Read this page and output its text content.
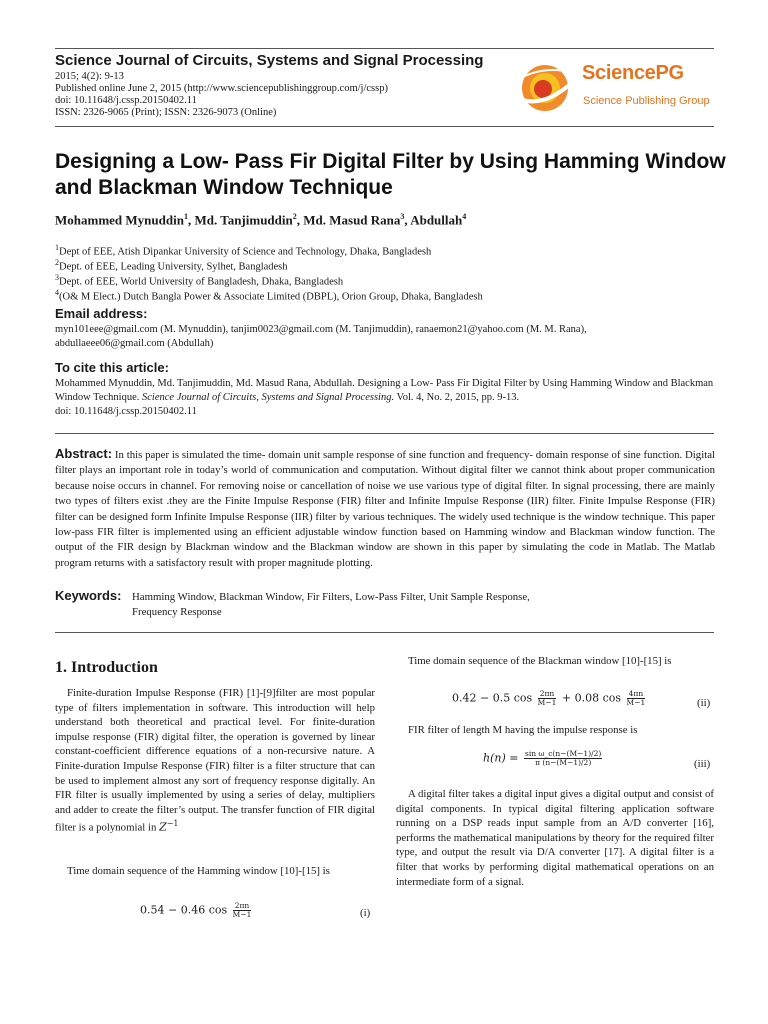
Science Journal of Circuits, Systems and Signal Processing
2015; 4(2): 9-13
Published online June 2, 2015 (http://www.sciencepublishinggroup.com/j/cssp)
doi: 10.11648/j.cssp.20150402.11
ISSN: 2326-9065 (Print); ISSN: 2326-9073 (Online)
SciencePG
Science Publishing Group
Designing a Low- Pass Fir Digital Filter by Using Hamming Window and Blackman Window Technique
Mohammed Mynuddin$^1$, Md. Tanjimuddin$^2$, Md. Masud Rana$^3$, Abdullah$^4$
$^1$Dept of EEE, Atish Dipankar University of Science and Technology, Dhaka, Bangladesh
$^2$Dept. of EEE, Leading University, Sylhet, Bangladesh
$^3$Dept. of EEE, World University of Bangladesh, Dhaka, Bangladesh
$^4$(O& M Elect.) Dutch Bangla Power & Associate Limited (DBPL), Orion Group, Dhaka, Bangladesh
Email address:
myn101eee@gmail.com (M. Mynuddin), tanjim0023@gmail.com (M. Tanjimuddin), ranaemon21@yahoo.com (M. M. Rana),
abdullaeee06@gmail.com (Abdullah)
To cite this article:
Mohammed Mynuddin, Md. Tanjimuddin, Md. Masud Rana, Abdullah. Designing a Low- Pass Fir Digital Filter by Using Hamming Window and Blackman Window Technique. Science Journal of Circuits, Systems and Signal Processing. Vol. 4, No. 2, 2015, pp. 9-13.
doi: 10.11648/j.cssp.20150402.11
Abstract: In this paper is simulated the time- domain unit sample response of sine function and frequency- domain response of sine function. Digital filter plays an important role in today’s world of communication and computation. Without digital filter we cannot think about proper communication because noise occurs in channel. For removing noise or cancellation of noise we use various type of digital filter. In signal processing, there are mainly two types of filters exist .they are the Finite Impulse Response (FIR) filter and Infinite Impulse Response (IIR) filter. Finite Impulse Response (FIR) filter can be designed form Infinite Impulse Response (IIR) filter by various techniques. The widely used technique is the window technique. This paper low-pass FIR filter is implemented using an efficient adjustable window function based on Hamming window and Blackman window function. The output of the FIR design by Blackman window and the Blackman window are shown in this paper by simulating the code in Matlab. The Matlab program returns with a satisfactory result with proper magnitude plotting.
Keywords: Hamming Window, Blackman Window, Fir Filters, Low-Pass Filter, Unit Sample Response,
Frequency Response
1. Introduction

Finite-duration Impulse Response (FIR) [1]-[9]filter are most popular type of filters implementation in software. This introduction will help understand both theoretical and practical level. For finite-duration impulse response (FIR) digital filter, the operation is governed by linear constant-coefficient difference equations of a non-recursive nature. A Finite-duration Impulse Response (FIR) filter is a filter structure that can be used to implement almost any sort of frequency response digitally. An FIR filter is usually implemented by using a series of delay, multipliers and adder to create the filter’s output. The transfer function of FIR digital filter is a polynomial in $Z^{-1}$

Time domain sequence of the Hamming window [10]-[15] is

0.54 − 0.46 $\cos \frac{2\pi n}{M-1}$	(i)

Time domain sequence of the Blackman window [10]-[15] is

0.42 − 0.5 $\cos \frac{2\pi n}{M-1} + 0.08$ $\cos \frac{4\pi n}{M-1}$	(ii)

FIR filter of length M having the impulse response is

$h(n) = \frac{\text{sin ω\_c(n−(M−1)/2)}}{\pi (n-(M-1)/2)}$	(iii)

A digital filter takes a digital input gives a digital output and consist of digital components. In typical digital filtering application software running on a DSP reads input sample from an A/D converter [16], performs the mathematical manipulations by theory for the required filter type, and output the result via D/A converter [17]. A digital filter is a filter that works by performing digital mathematical operations on an intermediate form of a signal.
